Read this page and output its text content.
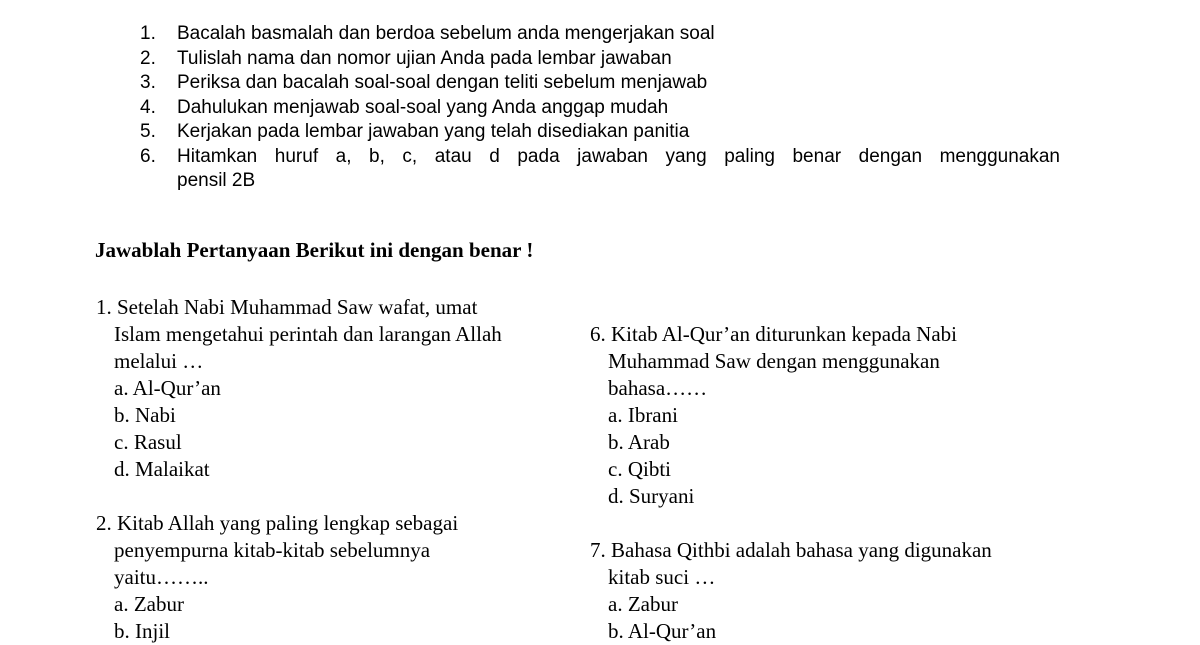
1.	Bacalah basmalah dan berdoa sebelum anda mengerjakan soal
2.	Tulislah nama dan nomor ujian Anda pada lembar jawaban
3.	Periksa dan bacalah soal-soal dengan teliti sebelum menjawab
4.	Dahulukan menjawab soal-soal yang Anda anggap mudah
5.	Kerjakan pada lembar jawaban yang telah disediakan panitia
6.	Hitamkan huruf a, b, c, atau d pada jawaban yang paling benar dengan menggunakan
pensil 2B
Jawablah Pertanyaan Berikut ini dengan benar !
1. Setelah Nabi Muhammad Saw wafat, umat
Islam mengetahui perintah dan larangan Allah
melalui …
a. Al-Qur’an
b. Nabi
c. Rasul
d. Malaikat
2. Kitab Allah yang paling lengkap sebagai
penyempurna kitab-kitab sebelumnya
yaitu……..
a. Zabur
b. Injil
6. Kitab Al-Qur’an diturunkan kepada Nabi
Muhammad Saw dengan menggunakan
bahasa……
a. Ibrani
b. Arab
c. Qibti
d. Suryani
7. Bahasa Qithbi adalah bahasa yang digunakan
kitab suci …
a. Zabur
b. Al-Qur’an
